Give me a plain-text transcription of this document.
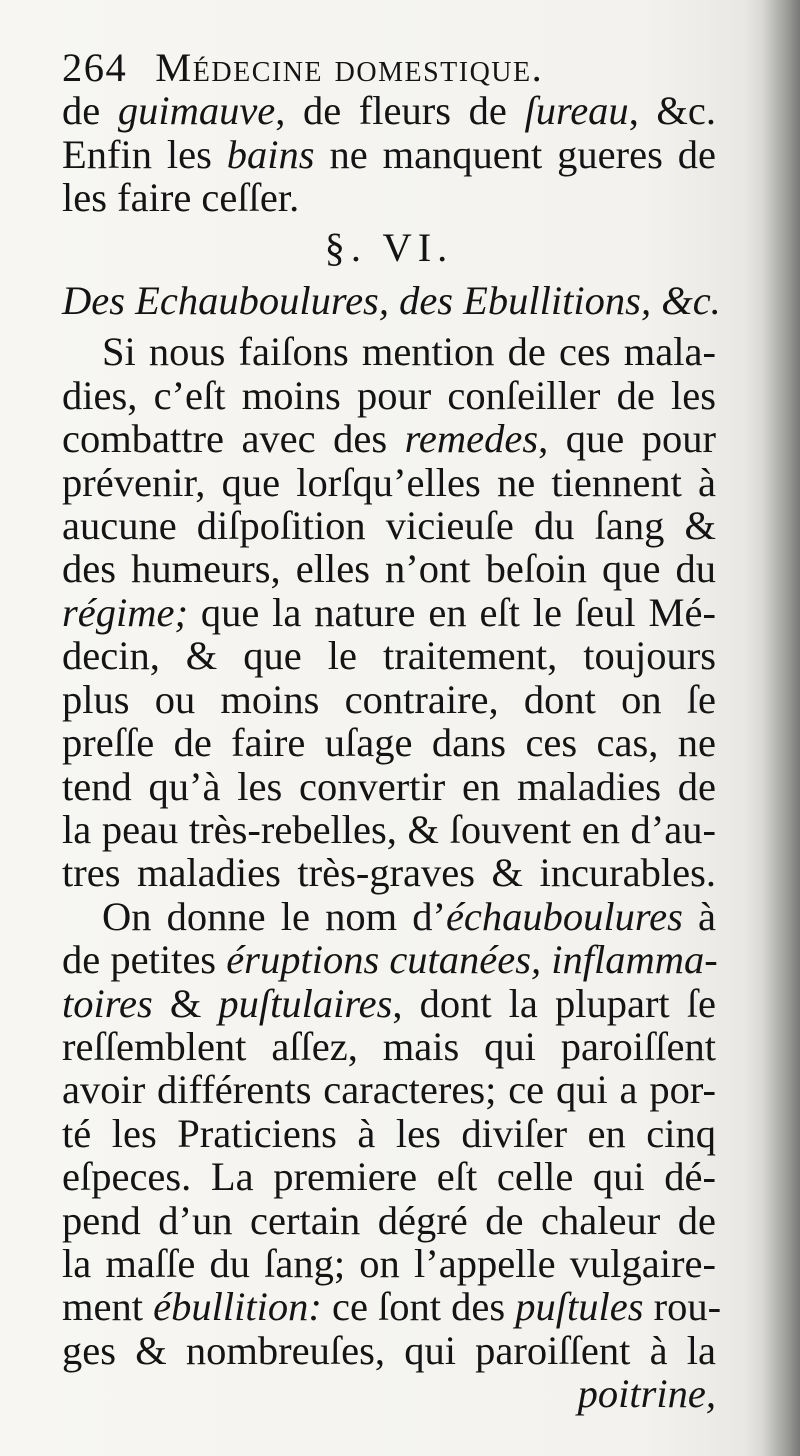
264 Médecine domestique.
de guimauve, de fleurs de ſureau, &c.
Enfin les bains ne manquent gueres de
les faire ceſſer.
§. VI.
Des Echauboulures, des Ebullitions, &c.
Si nous faiſons mention de ces mala-
dies, c’eſt moins pour conſeiller de les
combattre avec des remedes, que pour
prévenir, que lorſqu’elles ne tiennent à
aucune diſpoſition vicieuſe du ſang &
des humeurs, elles n’ont beſoin que du
régime; que la nature en eſt le ſeul Mé-
decin, & que le traitement, toujours
plus ou moins contraire, dont on ſe
preſſe de faire uſage dans ces cas, ne
tend qu’à les convertir en maladies de
la peau très-rebelles, & ſouvent en d’au-
tres maladies très-graves & incurables.
On donne le nom d’échauboulures à
de petites éruptions cutanées, inflamma-
toires & puſtulaires, dont la plupart ſe
reſſemblent aſſez, mais qui paroiſſent
avoir différents caracteres; ce qui a por-
té les Praticiens à les diviſer en cinq
eſpeces. La premiere eſt celle qui dé-
pend d’un certain dégré de chaleur de
la maſſe du ſang; on l’appelle vulgaire-
ment ébullition: ce ſont des puſtules rou-
ges & nombreuſes, qui paroiſſent à la
poitrine,
